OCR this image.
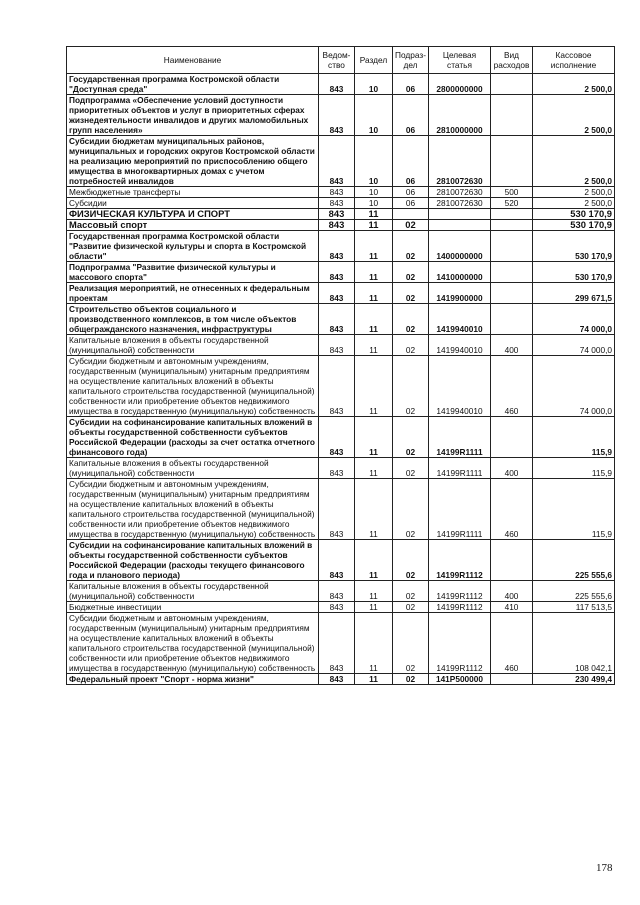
Наименование	Ведом- ство	Раздел	Подраз- дел	Целевая статья	Вид расходов	Кассовое исполнение
Государственная программа Костромской области "Доступная среда"	843	10	06	2800000000		2 500,0
Подпрограмма «Обеспечение условий доступности приоритетных объектов и услуг в приоритетных сферах жизнедеятельности инвалидов и других маломобильных групп населения»	843	10	06	2810000000		2 500,0
Субсидии бюджетам муниципальных районов, муниципальных и городских округов Костромской области на реализацию мероприятий по приспособлению общего имущества в многоквартирных домах с учетом потребностей инвалидов	843	10	06	2810072630		2 500,0
Межбюджетные трансферты	843	10	06	2810072630	500	2 500,0
Субсидии	843	10	06	2810072630	520	2 500,0
ФИЗИЧЕСКАЯ КУЛЬТУРА И СПОРТ	843	11				530 170,9
Массовый спорт	843	11	02			530 170,9
Государственная программа Костромской области "Развитие физической культуры и спорта в Костромской области"	843	11	02	1400000000		530 170,9
Подпрограмма "Развитие физической культуры и массового спорта"	843	11	02	1410000000		530 170,9
Реализация мероприятий, не отнесенных к федеральным проектам	843	11	02	1419900000		299 671,5
Строительство объектов социального и производственного комплексов, в том числе объектов общегражданского назначения, инфраструктуры	843	11	02	1419940010		74 000,0
Капитальные вложения в объекты государственной (муниципальной) собственности	843	11	02	1419940010	400	74 000,0
Субсидии бюджетным и автономным учреждениям, государственным (муниципальным) унитарным предприятиям на осуществление капитальных вложений в объекты капитального строительства государственной (муниципальной) собственности или приобретение объектов недвижимого имущества в государственную (муниципальную) собственность	843	11	02	1419940010	460	74 000,0
Субсидии на софинансирование капитальных вложений в объекты государственной собственности субъектов Российской Федерации (расходы за счет остатка отчетного финансового года)	843	11	02	14199R1111		115,9
Капитальные вложения в объекты государственной (муниципальной) собственности	843	11	02	14199R1111	400	115,9
Субсидии бюджетным и автономным учреждениям, государственным (муниципальным) унитарным предприятиям на осуществление капитальных вложений в объекты капитального строительства государственной (муниципальной) собственности или приобретение объектов недвижимого имущества в государственную (муниципальную) собственность	843	11	02	14199R1111	460	115,9
Субсидии на софинансирование капитальных вложений в объекты государственной собственности субъектов Российской Федерации (расходы текущего финансового года и планового периода)	843	11	02	14199R1112		225 555,6
Капитальные вложения в объекты государственной (муниципальной) собственности	843	11	02	14199R1112	400	225 555,6
Бюджетные инвестиции	843	11	02	14199R1112	410	117 513,5
Субсидии бюджетным и автономным учреждениям, государственным (муниципальным) унитарным предприятиям на осуществление капитальных вложений в объекты капитального строительства государственной (муниципальной) собственности или приобретение объектов недвижимого имущества в государственную (муниципальную) собственность	843	11	02	14199R1112	460	108 042,1
Федеральный проект "Спорт - норма жизни"	843	11	02	141P500000		230 499,4
178
